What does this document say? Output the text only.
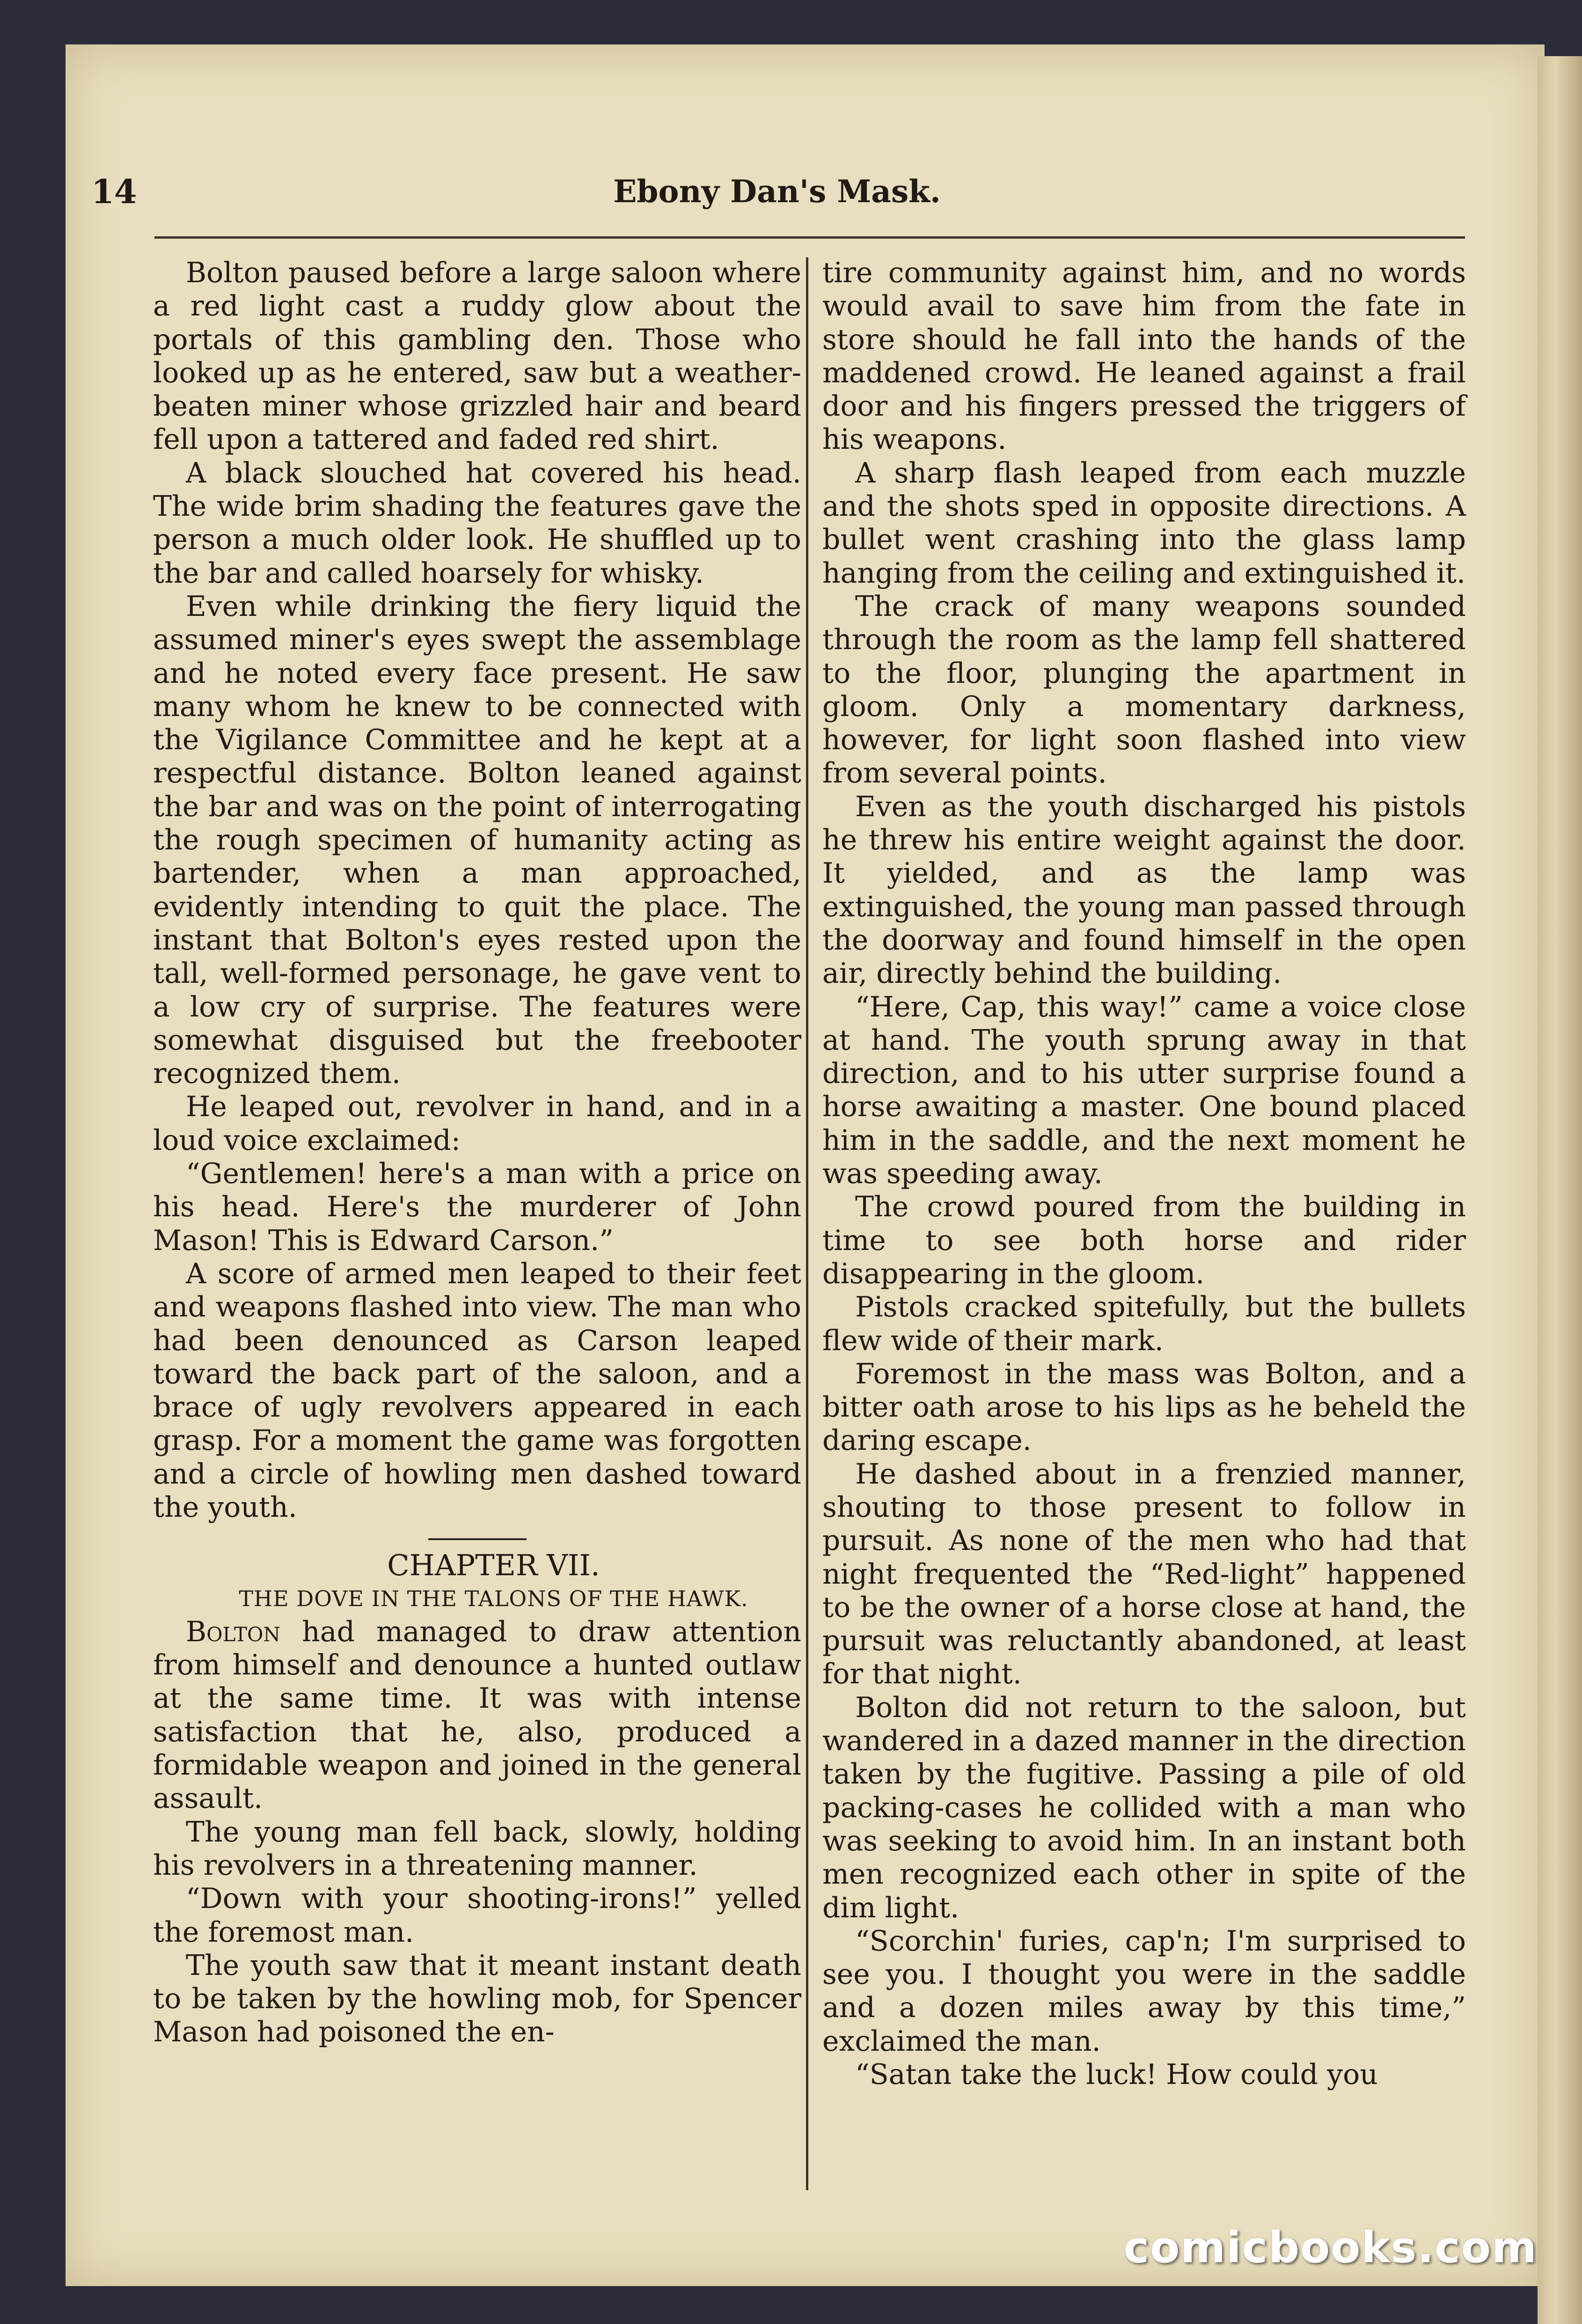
14	Ebony Dan's Mask.

Bolton paused before a large saloon where a red light cast a ruddy glow about the portals of this gambling den. Those who looked up as he entered, saw but a weather-beaten miner whose grizzled hair and beard fell upon a tattered and faded red shirt.

A black slouched hat covered his head. The wide brim shading the features gave the person a much older look. He shuffled up to the bar and called hoarsely for whisky.

Even while drinking the fiery liquid the assumed miner's eyes swept the assemblage and he noted every face present. He saw many whom he knew to be connected with the Vigilance Committee and he kept at a respectful distance. Bolton leaned against the bar and was on the point of interrogating the rough specimen of humanity acting as bartender, when a man approached, evidently intending to quit the place. The instant that Bolton's eyes rested upon the tall, well-formed personage, he gave vent to a low cry of surprise. The features were somewhat disguised but the freebooter recognized them.

He leaped out, revolver in hand, and in a loud voice exclaimed:

“Gentlemen! here's a man with a price on his head. Here's the murderer of John Mason! This is Edward Carson.”

A score of armed men leaped to their feet and weapons flashed into view. The man who had been denounced as Carson leaped toward the back part of the saloon, and a brace of ugly revolvers appeared in each grasp. For a moment the game was forgotten and a circle of howling men dashed toward the youth.

CHAPTER VII.

THE DOVE IN THE TALONS OF THE HAWK.

Bolton had managed to draw attention from himself and denounce a hunted outlaw at the same time. It was with intense satisfaction that he, also, produced a formidable weapon and joined in the general assault.

The young man fell back, slowly, holding his revolvers in a threatening manner.

“Down with your shooting-irons!” yelled the foremost man.

The youth saw that it meant instant death to be taken by the howling mob, for Spencer Mason had poisoned the en-

tire community against him, and no words would avail to save him from the fate in store should he fall into the hands of the maddened crowd. He leaned against a frail door and his fingers pressed the triggers of his weapons.

A sharp flash leaped from each muzzle and the shots sped in opposite directions. A bullet went crashing into the glass lamp hanging from the ceiling and extinguished it.

The crack of many weapons sounded through the room as the lamp fell shattered to the floor, plunging the apartment in gloom. Only a momentary darkness, however, for light soon flashed into view from several points.

Even as the youth discharged his pistols he threw his entire weight against the door. It yielded, and as the lamp was extinguished, the young man passed through the doorway and found himself in the open air, directly behind the building.

“Here, Cap, this way!” came a voice close at hand. The youth sprung away in that direction, and to his utter surprise found a horse awaiting a master. One bound placed him in the saddle, and the next moment he was speeding away.

The crowd poured from the building in time to see both horse and rider disappearing in the gloom.

Pistols cracked spitefully, but the bullets flew wide of their mark.

Foremost in the mass was Bolton, and a bitter oath arose to his lips as he beheld the daring escape.

He dashed about in a frenzied manner, shouting to those present to follow in pursuit. As none of the men who had that night frequented the “Red-light” happened to be the owner of a horse close at hand, the pursuit was reluctantly abandoned, at least for that night.

Bolton did not return to the saloon, but wandered in a dazed manner in the direction taken by the fugitive. Passing a pile of old packing-cases he collided with a man who was seeking to avoid him. In an instant both men recognized each other in spite of the dim light.

“Scorchin' furies, cap'n; I'm surprised to see you. I thought you were in the saddle and a dozen miles away by this time,” exclaimed the man.

“Satan take the luck! How could you

comicbooks.com
